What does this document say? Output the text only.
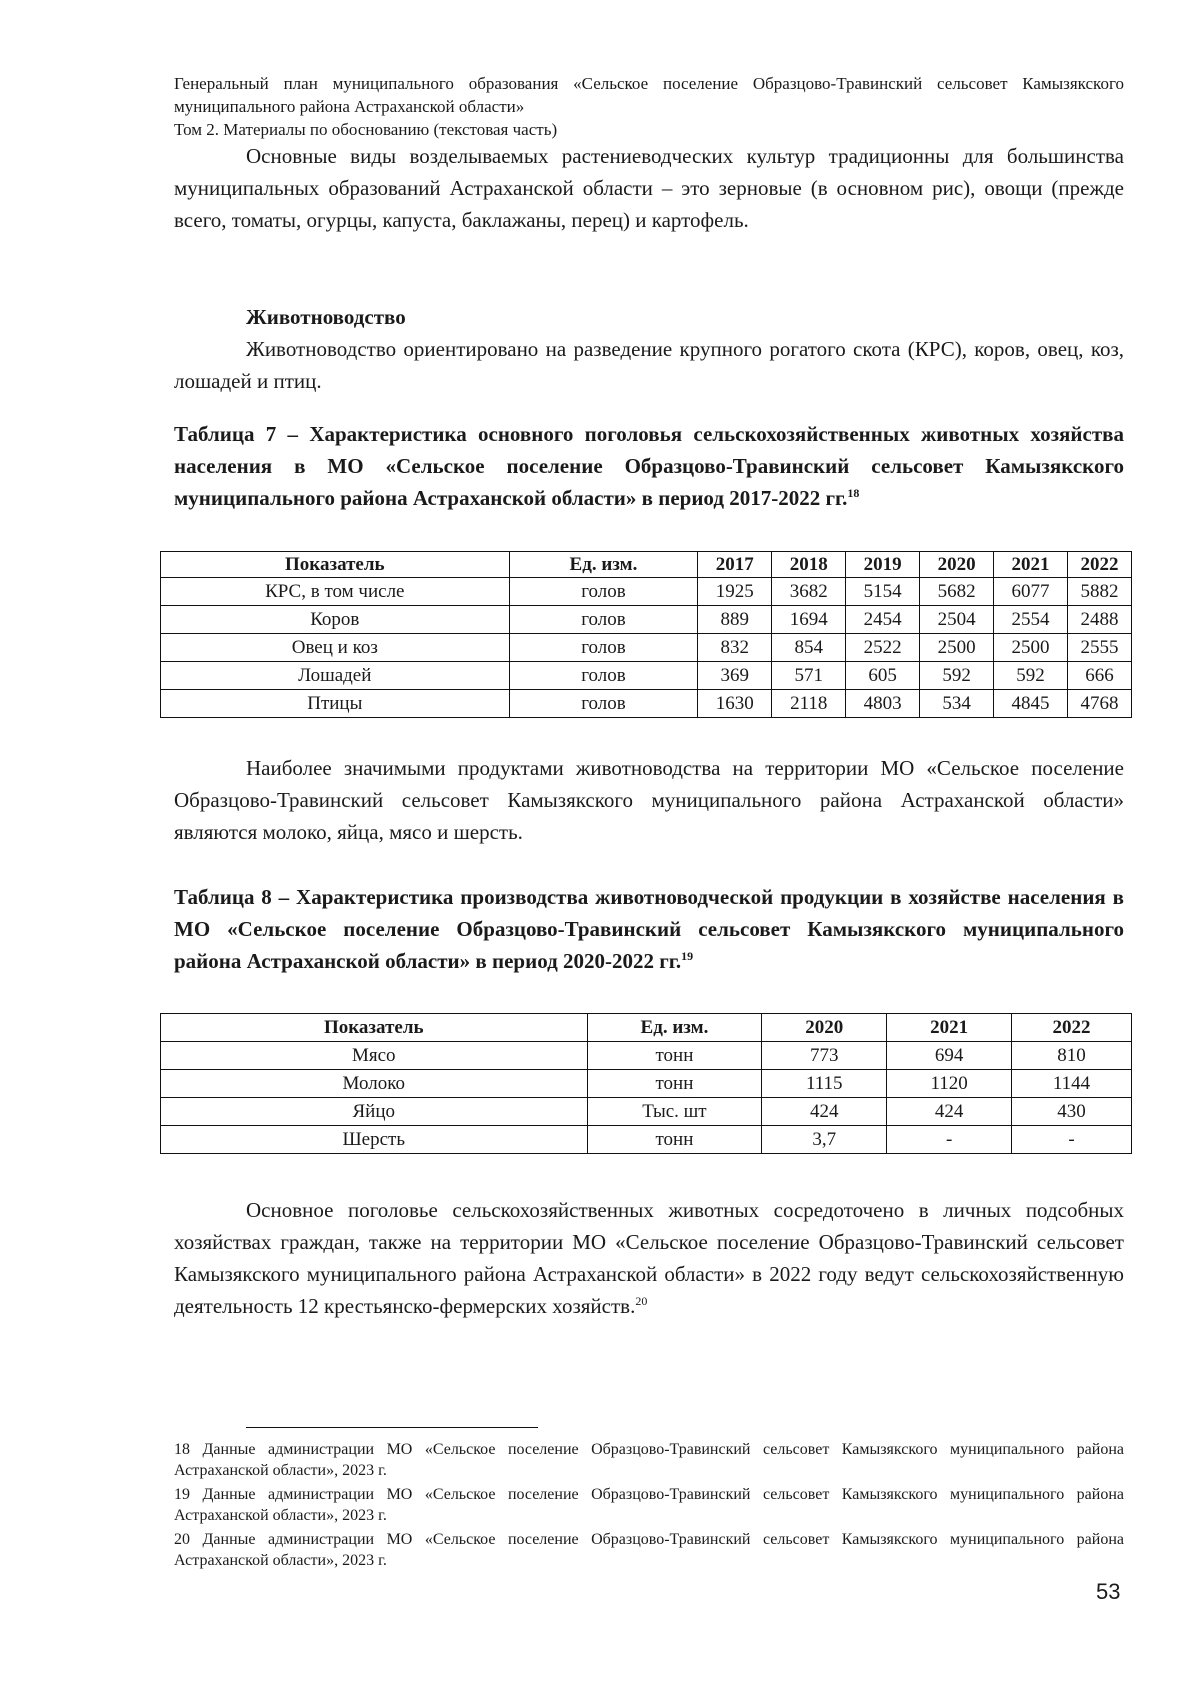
Генеральный план муниципального образования «Сельское поселение Образцово-Травинский сельсовет Камызякского муниципального района Астраханской области»
Том 2. Материалы по обоснованию (текстовая часть)

Основные виды возделываемых растениеводческих культур традиционны для большинства муниципальных образований Астраханской области – это зерновые (в основном рис), овощи (прежде всего, томаты, огурцы, капуста, баклажаны, перец) и картофель.

Животноводство

Животноводство ориентировано на разведение крупного рогатого скота (КРС), коров, овец, коз, лошадей и птиц.

Таблица 7 – Характеристика основного поголовья сельскохозяйственных животных хозяйства населения в МО «Сельское поселение Образцово-Травинский сельсовет Камызякского муниципального района Астраханской области» в период 2017-2022 гг.$^{18}$

Показатель	Ед. изм.	2017	2018	2019	2020	2021	2022
КРС, в том числе	голов	1925	3682	5154	5682	6077	5882
Коров	голов	889	1694	2454	2504	2554	2488
Овец и коз	голов	832	854	2522	2500	2500	2555
Лошадей	голов	369	571	605	592	592	666
Птицы	голов	1630	2118	4803	534	4845	4768

Наиболее значимыми продуктами животноводства на территории МО «Сельское поселение Образцово-Травинский сельсовет Камызякского муниципального района Астраханской области» являются молоко, яйца, мясо и шерсть.

Таблица 8 – Характеристика производства животноводческой продукции в хозяйстве населения в МО «Сельское поселение Образцово-Травинский сельсовет Камызякского муниципального района Астраханской области» в период 2020-2022 гг.$^{19}$

Показатель	Ед. изм.	2020	2021	2022
Мясо	тонн	773	694	810
Молоко	тонн	1115	1120	1144
Яйцо	Тыс. шт	424	424	430
Шерсть	тонн	3,7	-	-

Основное поголовье сельскохозяйственных животных сосредоточено в личных подсобных хозяйствах граждан, также на территории МО «Сельское поселение Образцово-Травинский сельсовет Камызякского муниципального района Астраханской области» в 2022 году ведут сельскохозяйственную деятельность 12 крестьянско-фермерских хозяйств.$^{20}$

18 Данные администрации МО «Сельское поселение Образцово-Травинский сельсовет Камызякского муниципального района Астраханской области», 2023 г.

19 Данные администрации МО «Сельское поселение Образцово-Травинский сельсовет Камызякского муниципального района Астраханской области», 2023 г.

20 Данные администрации МО «Сельское поселение Образцово-Травинский сельсовет Камызякского муниципального района Астраханской области», 2023 г.

53
